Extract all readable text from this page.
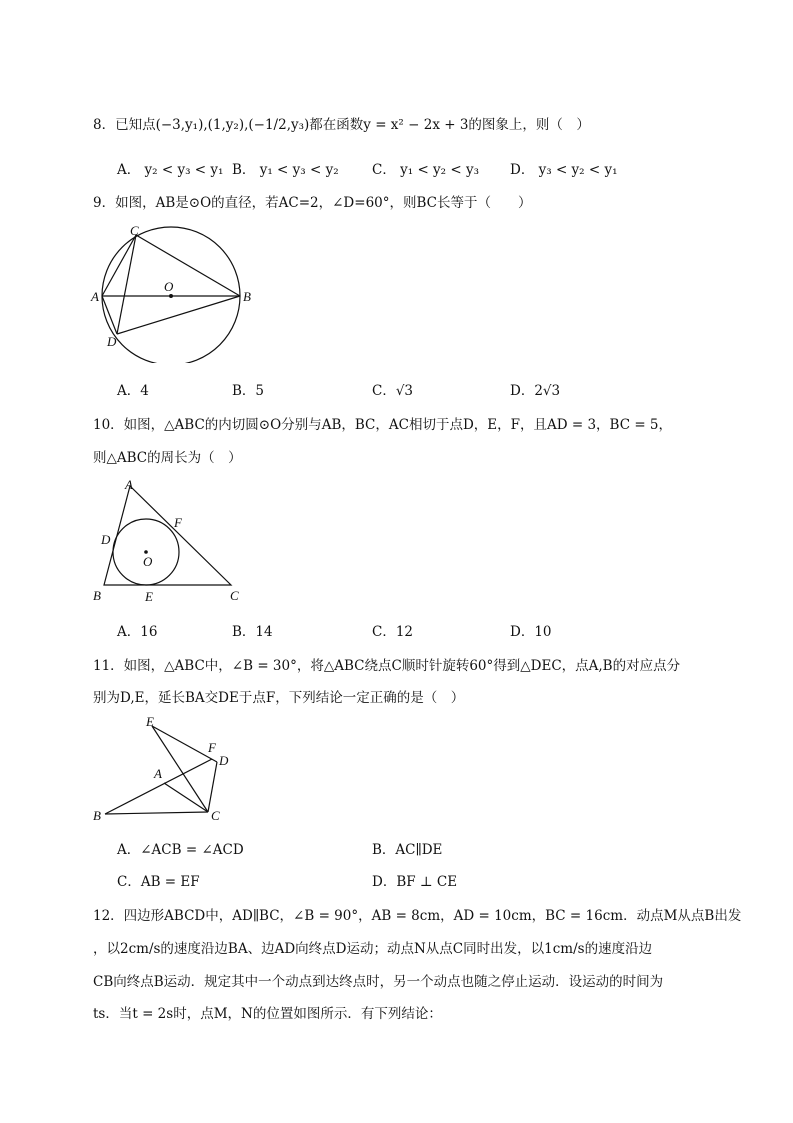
8．已知点(−3,y₁),(1,y₂),(−1/2,y₃)都在函数y = x² − 2x + 3的图象上，则（　）
A． y₂ < y₃ < y₁ B． y₁ < y₃ < y₂ C． y₁ < y₂ < y₃ D． y₃ < y₂ < y₁
9．如图，AB是⊙O的直径，若AC=2，∠D=60°，则BC长等于（　　）
A	B
C
D
O
A．4	B．5	C．√3	D．2√3
10．如图，△ABC的内切圆⊙O分别与AB，BC，AC相切于点D，E，F，且AD = 3，BC = 5，
则△ABC的周长为（　）
A
B	C
D
E
F
O
A．16	B．14	C．12	D．10
11．如图，△ABC中，∠B = 30°，将△ABC绕点C顺时针旋转60°得到△DEC，点A,B的对应点分
别为D,E，延长BA交DE于点F，下列结论一定正确的是（　）
E
F
D
A
B	C
A．∠ACB = ∠ACD	B．AC∥DE
C．AB = EF	D．BF ⊥ CE
12．四边形ABCD中，AD∥BC，∠B = 90°，AB = 8cm，AD = 10cm，BC = 16cm．动点M从点B出发
，以2cm/s的速度沿边BA、边AD向终点D运动；动点N从点C同时出发，以1cm/s的速度沿边
CB向终点B运动．规定其中一个动点到达终点时，另一个动点也随之停止运动．设运动的时间为
ts．当t = 2s时，点M，N的位置如图所示．有下列结论：
